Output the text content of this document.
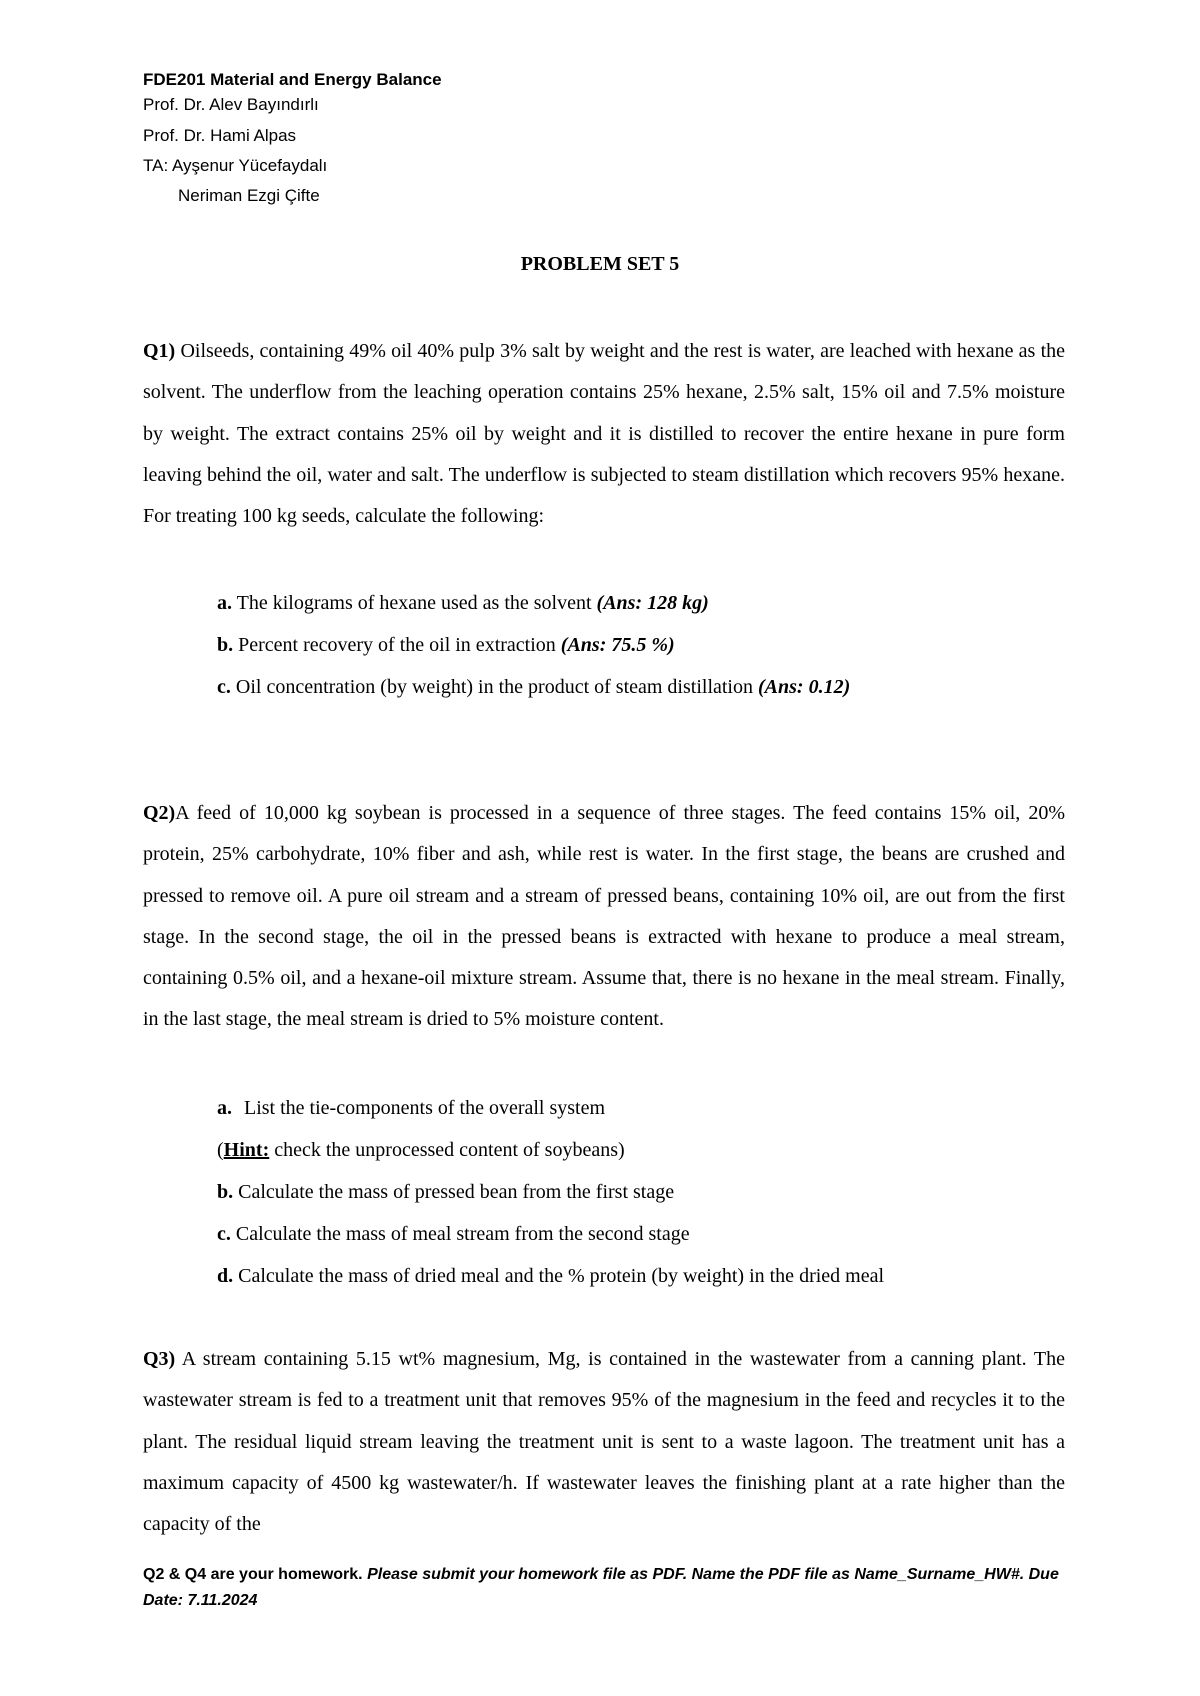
FDE201 Material and Energy Balance
Prof. Dr. Alev Bayındırlı
Prof. Dr. Hami Alpas
TA: Ayşenur Yücefaydalı
Neriman Ezgi Çifte
PROBLEM SET 5

Q1) Oilseeds, containing 49% oil 40% pulp 3% salt by weight and the rest is water, are leached with hexane as the solvent. The underflow from the leaching operation contains 25% hexane, 2.5% salt, 15% oil and 7.5% moisture by weight. The extract contains 25% oil by weight and it is distilled to recover the entire hexane in pure form leaving behind the oil, water and salt. The underflow is subjected to steam distillation which recovers 95% hexane. For treating 100 kg seeds, calculate the following:

a. The kilograms of hexane used as the solvent (Ans: 128 kg)
b. Percent recovery of the oil in extraction (Ans: 75.5 %)
c. Oil concentration (by weight) in the product of steam distillation (Ans: 0.12)

Q2)A feed of 10,000 kg soybean is processed in a sequence of three stages. The feed contains 15% oil, 20% protein, 25% carbohydrate, 10% fiber and ash, while rest is water. In the first stage, the beans are crushed and pressed to remove oil. A pure oil stream and a stream of pressed beans, containing 10% oil, are out from the first stage. In the second stage, the oil in the pressed beans is extracted with hexane to produce a meal stream, containing 0.5% oil, and a hexane-oil mixture stream. Assume that, there is no hexane in the meal stream. Finally, in the last stage, the meal stream is dried to 5% moisture content.

a. List the tie-components of the overall system
(Hint: check the unprocessed content of soybeans)
b. Calculate the mass of pressed bean from the first stage
c. Calculate the mass of meal stream from the second stage
d. Calculate the mass of dried meal and the % protein (by weight) in the dried meal

Q3) A stream containing 5.15 wt% magnesium, Mg, is contained in the wastewater from a canning plant. The wastewater stream is fed to a treatment unit that removes 95% of the magnesium in the feed and recycles it to the plant. The residual liquid stream leaving the treatment unit is sent to a waste lagoon. The treatment unit has a maximum capacity of 4500 kg wastewater/h. If wastewater leaves the finishing plant at a rate higher than the capacity of the

Q2 & Q4 are your homework. Please submit your homework file as PDF. Name the PDF file as Name_Surname_HW#. Due Date: 7.11.2024
